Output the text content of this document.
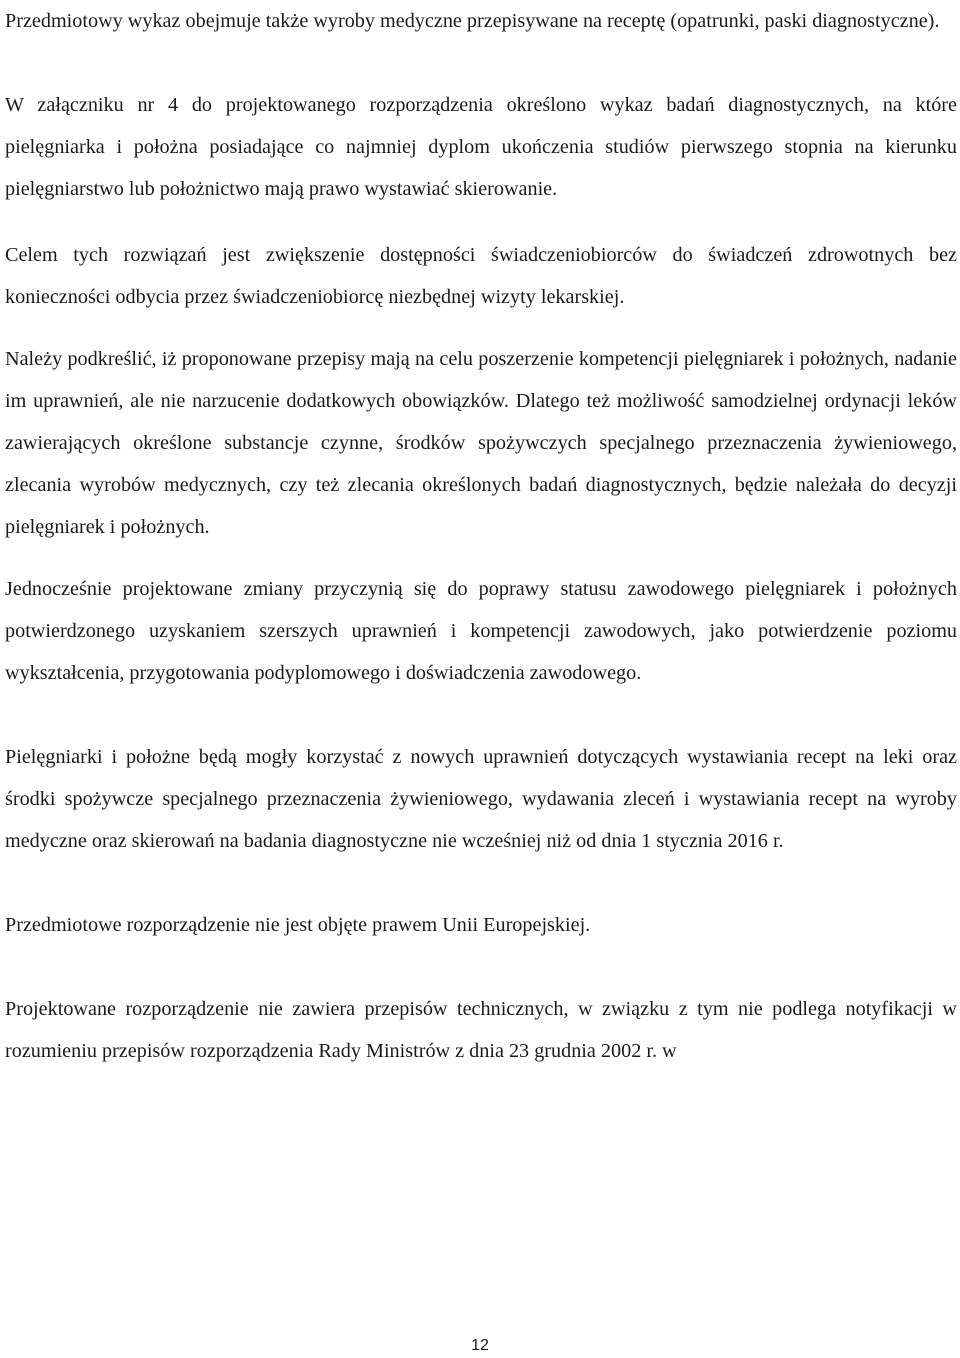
Przedmiotowy wykaz obejmuje także wyroby medyczne przepisywane na receptę (opatrunki, paski diagnostyczne).

W załączniku nr 4 do projektowanego rozporządzenia określono wykaz badań diagnostycznych, na które pielęgniarka i położna posiadające co najmniej dyplom ukończenia studiów pierwszego stopnia na kierunku pielęgniarstwo lub położnictwo mają prawo wystawiać skierowanie.

Celem tych rozwiązań jest zwiększenie dostępności świadczeniobiorców do świadczeń zdrowotnych bez konieczności odbycia przez świadczeniobiorcę niezbędnej wizyty lekarskiej.

Należy podkreślić, iż proponowane przepisy mają na celu poszerzenie kompetencji pielęgniarek i położnych, nadanie im uprawnień, ale nie narzucenie dodatkowych obowiązków. Dlatego też możliwość samodzielnej ordynacji leków zawierających określone substancje czynne, środków spożywczych specjalnego przeznaczenia żywieniowego, zlecania wyrobów medycznych, czy też zlecania określonych badań diagnostycznych, będzie należała do decyzji pielęgniarek i położnych.

Jednocześnie projektowane zmiany przyczynią się do poprawy statusu zawodowego pielęgniarek i położnych potwierdzonego uzyskaniem szerszych uprawnień i kompetencji zawodowych, jako potwierdzenie poziomu wykształcenia, przygotowania podyplomowego i doświadczenia zawodowego.

Pielęgniarki i położne będą mogły korzystać z nowych uprawnień dotyczących wystawiania recept na leki oraz środki spożywcze specjalnego przeznaczenia żywieniowego, wydawania zleceń i wystawiania recept na wyroby medyczne oraz skierowań na badania diagnostyczne nie wcześniej niż od dnia 1 stycznia 2016 r.

Przedmiotowe rozporządzenie nie jest objęte prawem Unii Europejskiej.

Projektowane rozporządzenie nie zawiera przepisów technicznych, w związku z tym nie podlega notyfikacji w rozumieniu przepisów rozporządzenia Rady Ministrów z dnia 23 grudnia 2002 r. w

12
